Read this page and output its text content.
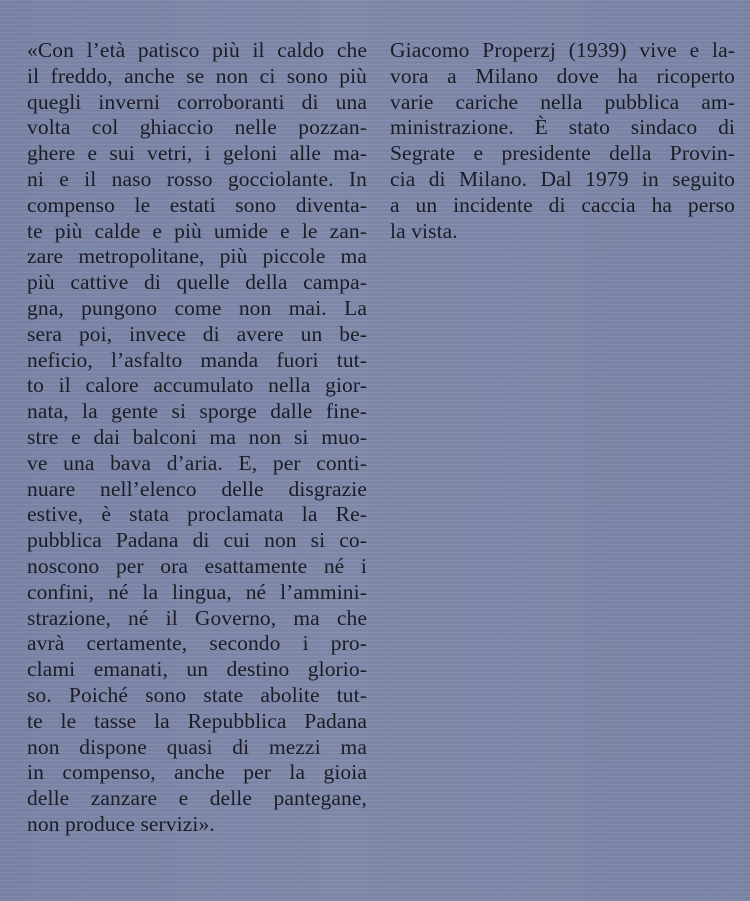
«Con l’età patisco più il caldo che
il freddo, anche se non ci sono più
quegli inverni corroboranti di una
volta col ghiaccio nelle pozzan-
ghere e sui vetri, i geloni alle ma-
ni e il naso rosso gocciolante. In
compenso le estati sono diventa-
te più calde e più umide e le zan-
zare metropolitane, più piccole ma
più cattive di quelle della campa-
gna, pungono come non mai. La
sera poi, invece di avere un be-
neficio, l’asfalto manda fuori tut-
to il calore accumulato nella gior-
nata, la gente si sporge dalle fine-
stre e dai balconi ma non si muo-
ve una bava d’aria. E, per conti-
nuare nell’elenco delle disgrazie
estive, è stata proclamata la Re-
pubblica Padana di cui non si co-
noscono per ora esattamente né i
confini, né la lingua, né l’ammini-
strazione, né il Governo, ma che
avrà certamente, secondo i pro-
clami emanati, un destino glorio-
so. Poiché sono state abolite tut-
te le tasse la Repubblica Padana
non dispone quasi di mezzi ma
in compenso, anche per la gioia
delle zanzare e delle pantegane,
non produce servizi».
Giacomo Properzj (1939) vive e la-
vora a Milano dove ha ricoperto
varie cariche nella pubblica am-
ministrazione. È stato sindaco di
Segrate e presidente della Provin-
cia di Milano. Dal 1979 in seguito
a un incidente di caccia ha perso
la vista.
